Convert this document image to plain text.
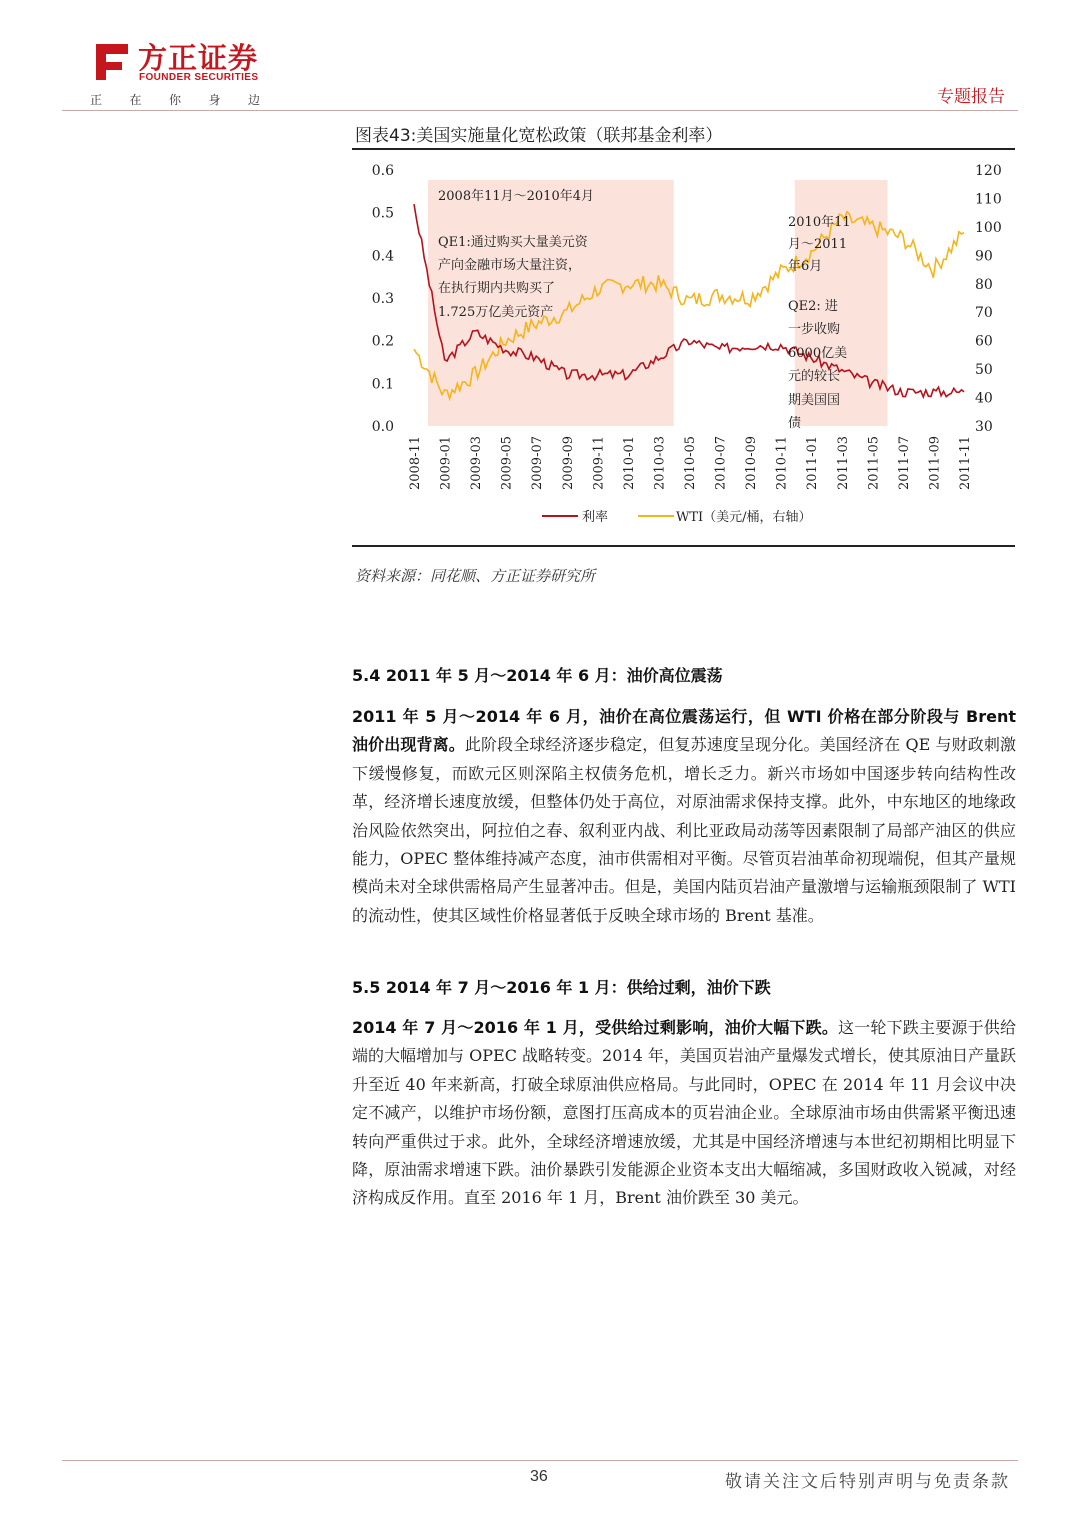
方正证券
FOUNDER SECURITIES
正 在 你 身 边	专题报告
图表43:美国实施量化宽松政策（联邦基金利率）
0.0
0.1
0.2
0.3
0.4
0.5
0.6
30
40
50
60
70
80
90
100
110
120
2008-11 2009-01 2009-03 2009-05 2009-07 2009-09 2009-11 2010-01 2010-03 2010-05 2010-07 2010-09 2010-11 2011-01 2011-03 2011-05 2011-07 2011-09 2011-11
2008年11月～2010年4月
QE1:通过购买大量美元资
产向金融市场大量注资，
在执行期内共购买了
1.725万亿美元资产
2010年11
月～2011
年6月
QE2: 进
一步收购
6000亿美
元的较长
期美国国
债
利率	WTI（美元/桶，右轴）
资料来源：同花顺、方正证券研究所
5.4 2011 年 5 月～2014 年 6 月：油价高位震荡
2011 年 5 月～2014 年 6 月，油价在高位震荡运行，但 WTI 价格在部分阶段与 Brent 油价出现背离。此阶段全球经济逐步稳定，但复苏速度呈现分化。美国经济在 QE 与财政刺激下缓慢修复，而欧元区则深陷主权债务危机，增长乏力。新兴市场如中国逐步转向结构性改革，经济增长速度放缓，但整体仍处于高位，对原油需求保持支撑。此外，中东地区的地缘政治风险依然突出，阿拉伯之春、叙利亚内战、利比亚政局动荡等因素限制了局部产油区的供应能力，OPEC 整体维持减产态度，油市供需相对平衡。尽管页岩油革命初现端倪，但其产量规模尚未对全球供需格局产生显著冲击。但是，美国内陆页岩油产量激增与运输瓶颈限制了 WTI 的流动性，使其区域性价格显著低于反映全球市场的 Brent 基准。
5.5 2014 年 7 月～2016 年 1 月：供给过剩，油价下跌
2014 年 7 月～2016 年 1 月，受供给过剩影响，油价大幅下跌。这一轮下跌主要源于供给端的大幅增加与 OPEC 战略转变。2014 年，美国页岩油产量爆发式增长，使其原油日产量跃升至近 40 年来新高，打破全球原油供应格局。与此同时，OPEC 在 2014 年 11 月会议中决定不减产，以维护市场份额，意图打压高成本的页岩油企业。全球原油市场由供需紧平衡迅速转向严重供过于求。此外，全球经济增速放缓，尤其是中国经济增速与本世纪初期相比明显下降，原油需求增速下跌。油价暴跌引发能源企业资本支出大幅缩减，多国财政收入锐减，对经济构成反作用。直至 2016 年 1 月，Brent 油价跌至 30 美元。
36	敬请关注文后特别声明与免责条款
